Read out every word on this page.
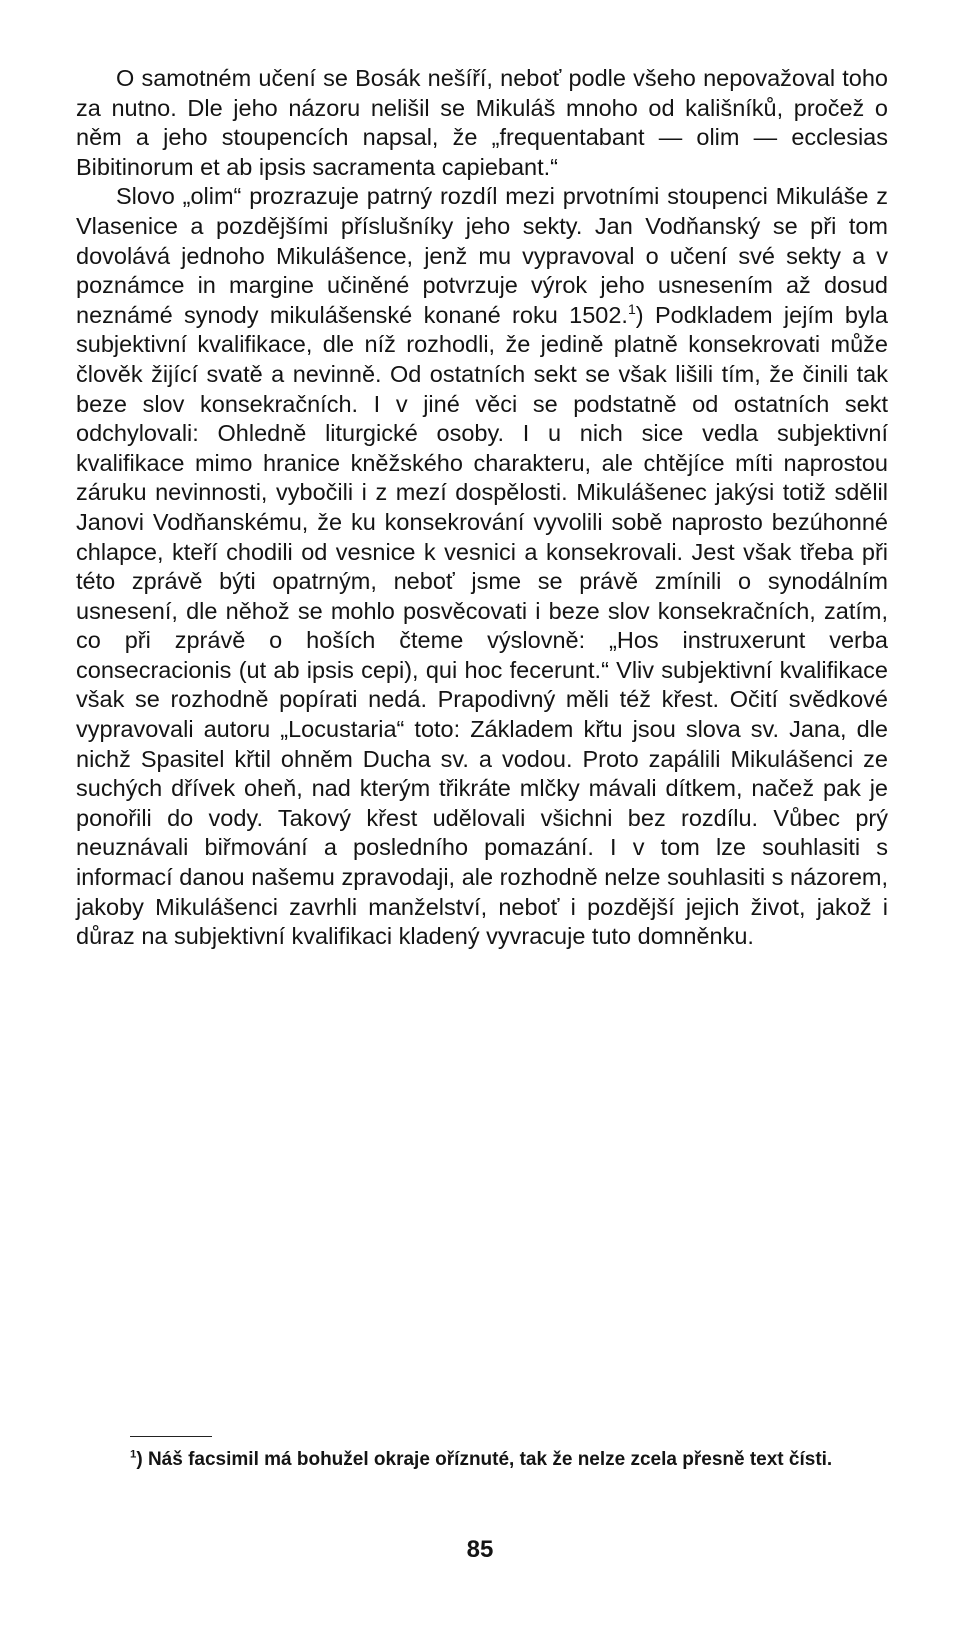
O samotném učení se Bosák nešíří, neboť podle všeho nepovažoval toho za nutno. Dle jeho názoru nelišil se Mikuláš mnoho od kališníků, pročež o něm a jeho stoupencích napsal, že „frequentabant — olim — ecclesias Bibitinorum et ab ipsis sacramenta capiebant.“

Slovo „olim“ prozrazuje patrný rozdíl mezi prvotními stoupenci Mikuláše z Vlasenice a pozdějšími příslušníky jeho sekty. Jan Vodňanský se při tom dovolává jednoho Mikulášence, jenž mu vypravoval o učení své sekty a v poznámce in margine učiněné potvrzuje výrok jeho usnesením až dosud neznámé synody mikulášenské konané roku 1502.$^1$) Podkladem jejím byla subjektivní kvalifikace, dle níž rozhodli, že jedině platně konsekrovati může člověk žijící svatě a nevinně. Od ostatních sekt se však lišili tím, že činili tak beze slov konsekračních. I v jiné věci se podstatně od ostatních sekt odchylovali: Ohledně liturgické osoby. I u nich sice vedla subjektivní kvalifikace mimo hranice kněžského charakteru, ale chtějíce míti naprostou záruku nevinnosti, vybočili i z mezí dospělosti. Mikulášenec jakýsi totiž sdělil Janovi Vodňanskému, že ku konsekrování vyvolili sobě naprosto bezúhonné chlapce, kteří chodili od vesnice k vesnici a konsekrovali. Jest však třeba při této zprávě býti opatrným, neboť jsme se právě zmínili o synodálním usnesení, dle něhož se mohlo posvěcovati i beze slov konsekračních, zatím, co při zprávě o hoších čteme výslovně: „Hos instruxerunt verba consecracionis (ut ab ipsis cepi), qui hoc fecerunt.“ Vliv subjektivní kvalifikace však se rozhodně popírati nedá. Prapodivný měli též křest. Očití svědkové vypravovali autoru „Locustaria“ toto: Základem křtu jsou slova sv. Jana, dle nichž Spasitel křtil ohněm Ducha sv. a vodou. Proto zapálili Mikulášenci ze suchých dřívek oheň, nad kterým třikráte mlčky mávali dítkem, načež pak je ponořili do vody. Takový křest udělovali všichni bez rozdílu. Vůbec prý neuznávali biřmování a posledního pomazání. I v tom lze souhlasiti s informací danou našemu zpravodaji, ale rozhodně nelze souhlasiti s názorem, jakoby Mikulášenci zavrhli manželství, neboť i pozdější jejich život, jakož i důraz na subjektivní kvalifikaci kladený vyvracuje tuto domněnku.

$^1$) Náš facsimil má bohužel okraje oříznuté, tak že nelze zcela přesně text čísti.
85
